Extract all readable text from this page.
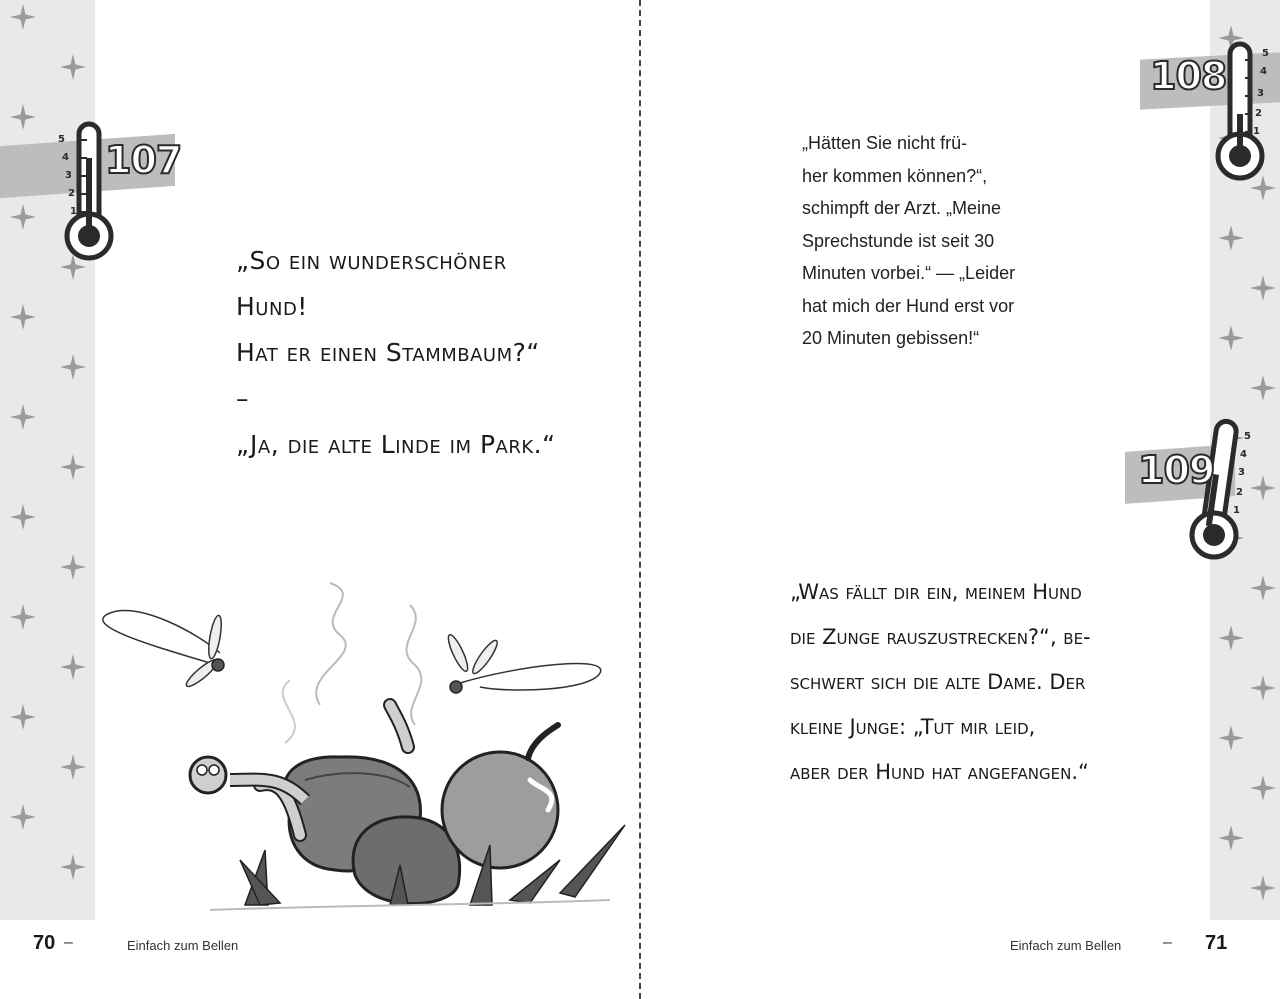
5
4
3
2
1
107
„So ein wunderschöner Hund!
Hat er einen Stammbaum?“ –
„Ja, die alte Linde im Park.“
70 –	Einfach zum Bellen
5
4
3
2
1
108
„Hätten Sie nicht frü-
her kommen können?“,
schimpft der Arzt. „Meine
Sprechstunde ist seit 30
Minuten vorbei.“ — „Leider
hat mich der Hund erst vor
20 Minuten gebissen!“
5
4
3
2
1
109
„Was fällt dir ein, meinem Hund
die Zunge rauszustrecken?“, be-
schwert sich die alte Dame. Der
kleine Junge: „Tut mir leid,
aber der Hund hat angefangen.“
Einfach zum Bellen	– 71
